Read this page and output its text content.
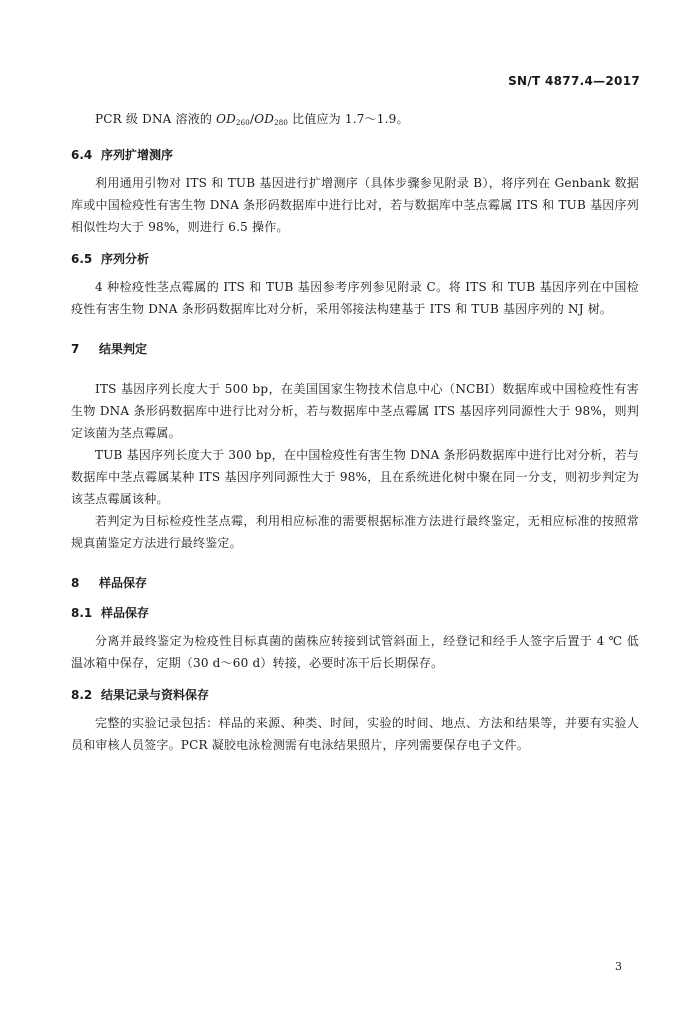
SN/T 4877.4—2017

PCR 级 DNA 溶液的 $OD_{260}/OD_{280}$ 比值应为 1.7～1.9。

6.4 序列扩增测序

利用通用引物对 ITS 和 TUB 基因进行扩增测序（具体步骤参见附录 B），将序列在 Genbank 数据库或中国检疫性有害生物 DNA 条形码数据库中进行比对，若与数据库中茎点霉属 ITS 和 TUB 基因序列相似性均大于 98%，则进行 6.5 操作。

6.5 序列分析

4 种检疫性茎点霉属的 ITS 和 TUB 基因参考序列参见附录 C。将 ITS 和 TUB 基因序列在中国检疫性有害生物 DNA 条形码数据库比对分析，采用邻接法构建基于 ITS 和 TUB 基因序列的 NJ 树。

7 结果判定

ITS 基因序列长度大于 500 bp，在美国国家生物技术信息中心（NCBI）数据库或中国检疫性有害生物 DNA 条形码数据库中进行比对分析，若与数据库中茎点霉属 ITS 基因序列同源性大于 98%，则判定该菌为茎点霉属。

TUB 基因序列长度大于 300 bp，在中国检疫性有害生物 DNA 条形码数据库中进行比对分析，若与数据库中茎点霉属某种 ITS 基因序列同源性大于 98%，且在系统进化树中聚在同一分支，则初步判定为该茎点霉属该种。

若判定为目标检疫性茎点霉，利用相应标准的需要根据标准方法进行最终鉴定，无相应标准的按照常规真菌鉴定方法进行最终鉴定。

8 样品保存
8.1 样品保存

分离并最终鉴定为检疫性目标真菌的菌株应转接到试管斜面上，经登记和经手人签字后置于 4 ℃ 低温冰箱中保存，定期（30 d～60 d）转接，必要时冻干后长期保存。

8.2 结果记录与资料保存

完整的实验记录包括：样品的来源、种类、时间，实验的时间、地点、方法和结果等，并要有实验人员和审核人员签字。PCR 凝胶电泳检测需有电泳结果照片，序列需要保存电子文件。

3
